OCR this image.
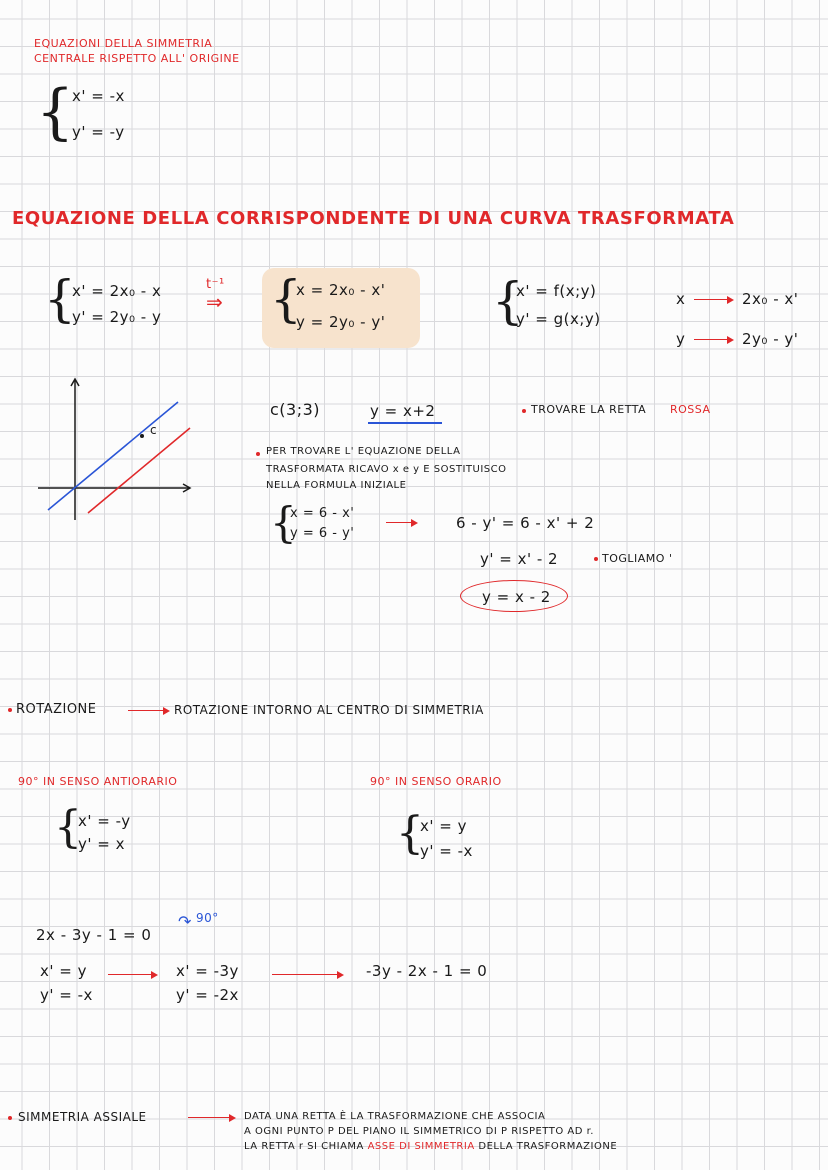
EQUAZIONI DELLA SIMMETRIA
CENTRALE RISPETTO ALL' ORIGINE
{
x' = -x
y' = -y
EQUAZIONE DELLA CORRISPONDENTE DI UNA CURVA TRASFORMATA
{
x' = 2x₀ - x
y' = 2y₀ - y
t⁻¹
⇒ {
x = 2x₀ - x'
y = 2y₀ - y' {
x' = f(x;y)
y' = g(x;y)
x	2x₀ - x'
y	2y₀ - y'
c
c(3;3)	y = x+2	TROVARE LA RETTA ROSSA
PER TROVARE L' EQUAZIONE DELLA
TRASFORMATA RICAVO x e y E SOSTITUISCO
NELLA FORMULA INIZIALE
{
x = 6 - x'
y = 6 - y'
6 - y' = 6 - x' + 2
y' = x' - 2	TOGLIAMO '
y = x - 2
ROTAZIONE	ROTAZIONE INTORNO AL CENTRO DI SIMMETRIA
90° IN SENSO ANTIORARIO
{
x' = -y
y' = x
90° IN SENSO ORARIO
{
x' = y
y' = -x
2x - 3y - 1 = 0
↷ 90°
x' = y
y' = -x
x' = -3y
y' = -2x
-3y - 2x - 1 = 0
SIMMETRIA ASSIALE	DATA UNA RETTA È LA TRASFORMAZIONE CHE ASSOCIA
A OGNI PUNTO P DEL PIANO IL SIMMETRICO DI P RISPETTO AD r.
LA RETTA r SI CHIAMA ASSE DI SIMMETRIA DELLA TRASFORMAZIONE
